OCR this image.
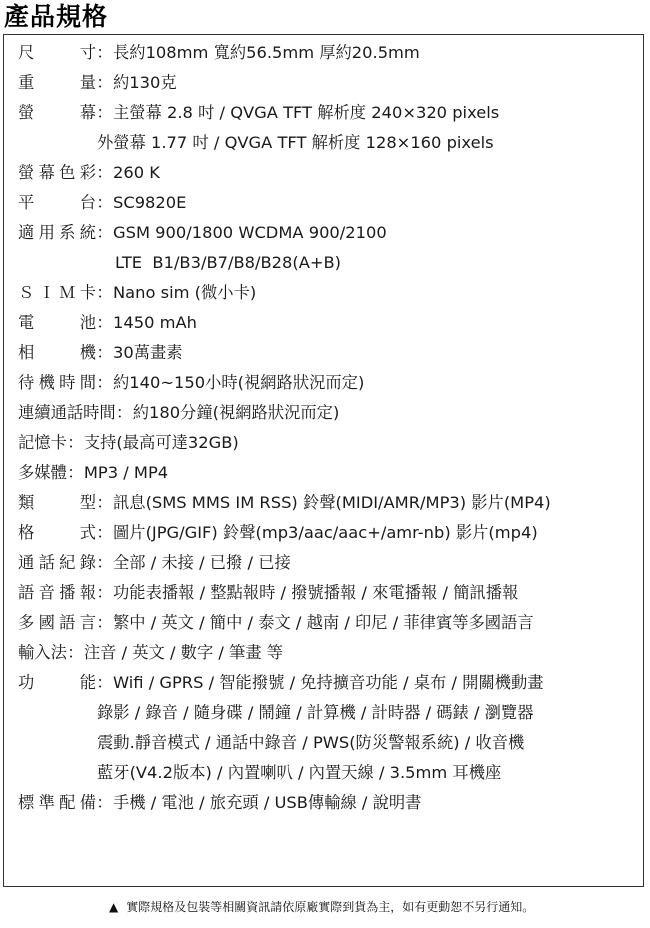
產品規格
尺 寸：長約108mm 寬約56.5mm 厚約20.5mm
重 量：約130克
螢 幕：主螢幕 2.8 吋 / QVGA TFT 解析度 240×320 pixels
外螢幕 1.77 吋 / QVGA TFT 解析度 128×160 pixels
螢幕色彩：260 K
平 台：SC9820E
適用系統：GSM 900/1800 WCDMA 900/2100
LTE  B1/B3/B7/B8/B28(A+B)
ＳＩＭ卡：Nano sim (微小卡)
電 池：1450 mAh
相 機：30萬畫素
待機時間：約140~150小時(視網路狀況而定)
連續通話時間：約180分鐘(視網路狀況而定)
記憶卡：支持(最高可達32GB)
多媒體：MP3 / MP4
類 型：訊息(SMS MMS IM RSS) 鈴聲(MIDI/AMR/MP3) 影片(MP4)
格 式：圖片(JPG/GIF) 鈴聲(mp3/aac/aac+/amr-nb) 影片(mp4)
通話紀錄：全部 / 未接 / 已撥 / 已接
語音播報：功能表播報 / 整點報時 / 撥號播報 / 來電播報 / 簡訊播報
多國語言：繁中 / 英文 / 簡中 / 泰文 / 越南 / 印尼 / 菲律賓等多國語言
輸入法：注音 / 英文 / 數字 / 筆畫 等
功 能：Wifi / GPRS / 智能撥號 / 免持擴音功能 / 桌布 / 開關機動畫
錄影 / 錄音 / 隨身碟 / 鬧鐘 / 計算機 / 計時器 / 碼錶 / 瀏覽器
震動.靜音模式 / 通話中錄音 / PWS(防災警報系統) / 收音機
藍牙(V4.2版本) / 內置喇叭 / 內置天線 / 3.5mm 耳機座
標準配備：手機 / 電池 / 旅充頭 / USB傳輸線 / 說明書
▲ 實際規格及包裝等相關資訊請依原廠實際到貨為主，如有更動恕不另行通知。
